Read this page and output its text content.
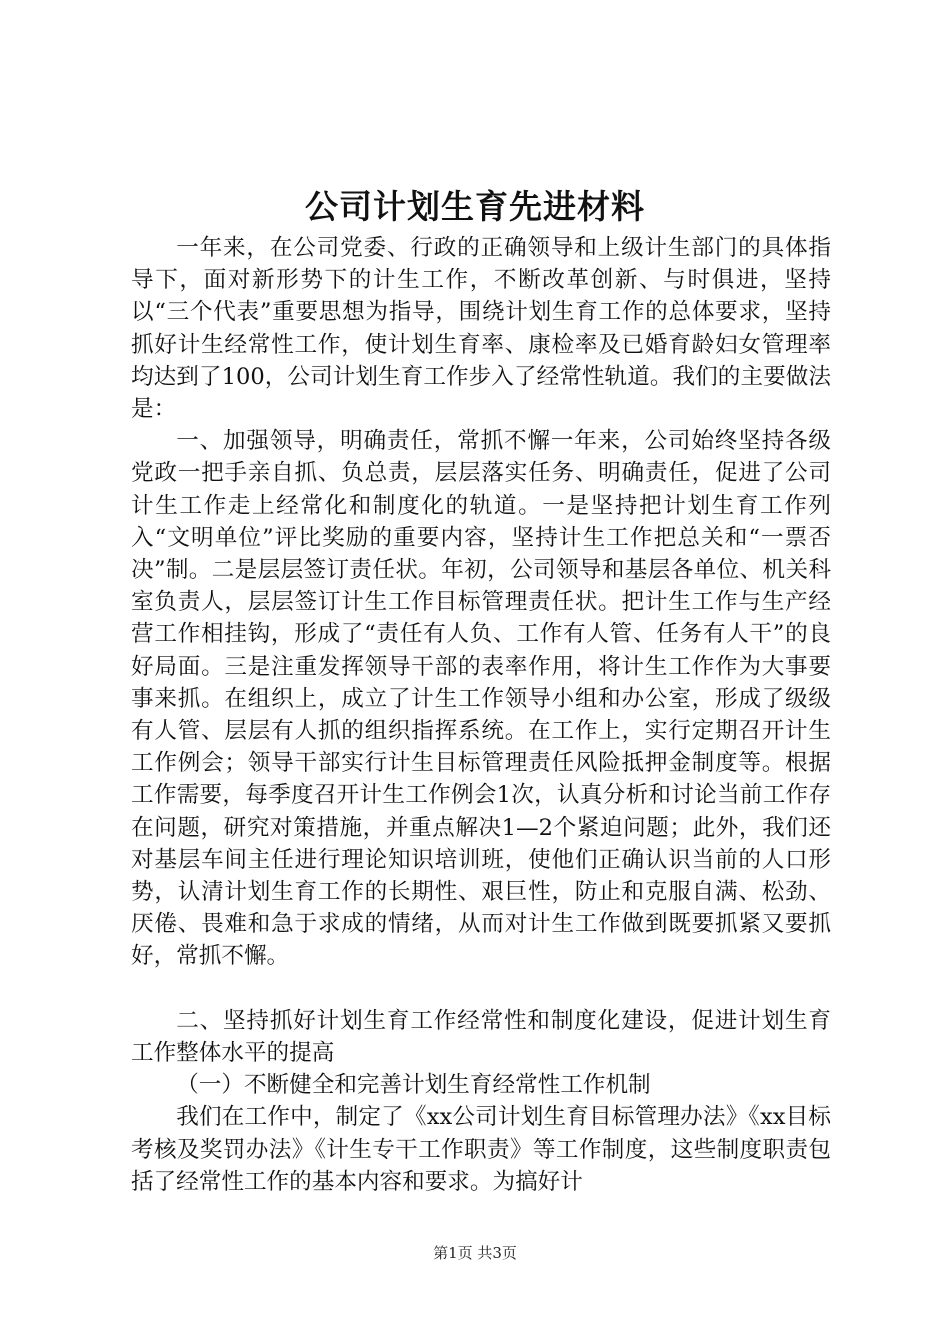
公司计划生育先进材料

一年来，在公司党委、行政的正确领导和上级计生部门的具体指导下，面对新形势下的计生工作，不断改革创新、与时俱进，坚持以“三个代表”重要思想为指导，围绕计划生育工作的总体要求，坚持抓好计生经常性工作，使计划生育率、康检率及已婚育龄妇女管理率均达到了100，公司计划生育工作步入了经常性轨道。我们的主要做法是：

一、加强领导，明确责任，常抓不懈一年来，公司始终坚持各级党政一把手亲自抓、负总责，层层落实任务、明确责任，促进了公司计生工作走上经常化和制度化的轨道。一是坚持把计划生育工作列入“文明单位”评比奖励的重要内容，坚持计生工作把总关和“一票否决”制。二是层层签订责任状。年初，公司领导和基层各单位、机关科室负责人，层层签订计生工作目标管理责任状。把计生工作与生产经营工作相挂钩，形成了“责任有人负、工作有人管、任务有人干”的良好局面。三是注重发挥领导干部的表率作用，将计生工作作为大事要事来抓。在组织上，成立了计生工作领导小组和办公室，形成了级级有人管、层层有人抓的组织指挥系统。在工作上，实行定期召开计生工作例会；领导干部实行计生目标管理责任风险抵押金制度等。根据工作需要，每季度召开计生工作例会1次，认真分析和讨论当前工作存在问题，研究对策措施，并重点解决1—2个紧迫问题；此外，我们还对基层车间主任进行理论知识培训班，使他们正确认识当前的人口形势，认清计划生育工作的长期性、艰巨性，防止和克服自满、松劲、厌倦、畏难和急于求成的情绪，从而对计生工作做到既要抓紧又要抓好，常抓不懈。

二、坚持抓好计划生育工作经常性和制度化建设，促进计划生育工作整体水平的提高

（一）不断健全和完善计划生育经常性工作机制

我们在工作中，制定了《xx公司计划生育目标管理办法》《xx目标考核及奖罚办法》《计生专干工作职责》等工作制度，这些制度职责包括了经常性工作的基本内容和要求。为搞好计

第1页 共3页
